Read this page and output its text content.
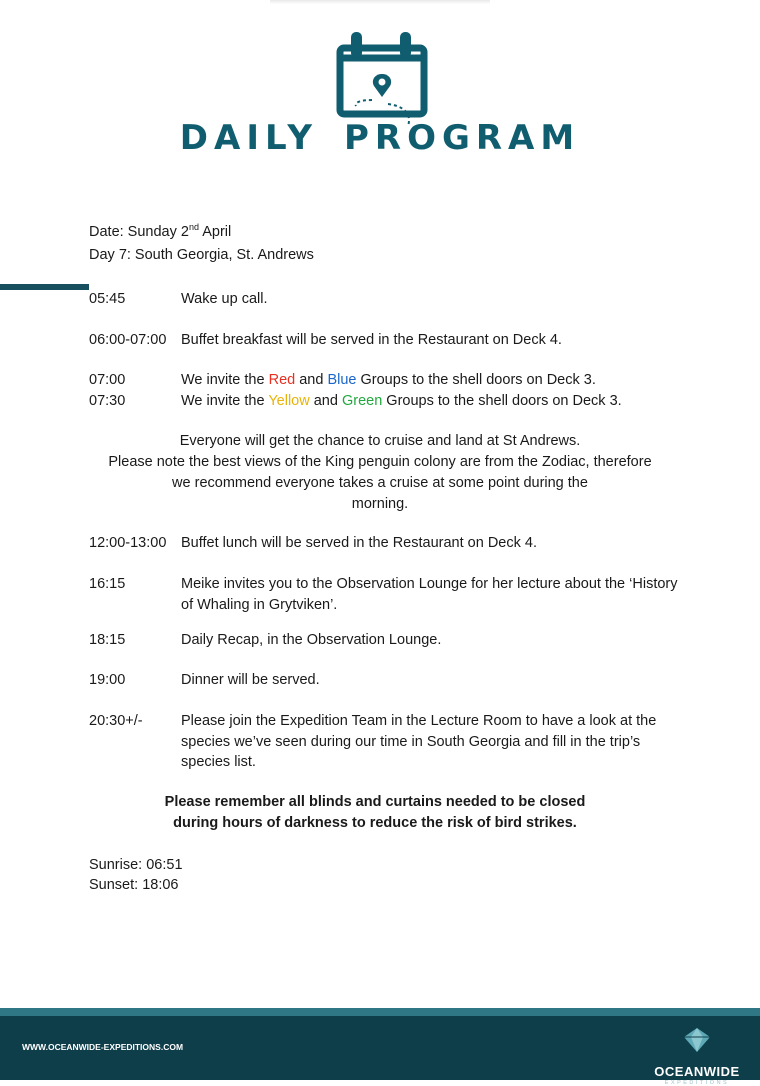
DAILY PROGRAM
Date: Sunday 2nd April
Day 7: South Georgia, St. Andrews
05:45	Wake up call.
06:00-07:00 Buffet breakfast will be served in the Restaurant on Deck 4.
07:00	We invite the Red and Blue Groups to the shell doors on Deck 3.
07:30	We invite the Yellow and Green Groups to the shell doors on Deck 3.
Everyone will get the chance to cruise and land at St Andrews.
Please note the best views of the King penguin colony are from the Zodiac, therefore
we recommend everyone takes a cruise at some point during the
morning.
12:00-13:00 Buffet lunch will be served in the Restaurant on Deck 4.
16:15	Meike invites you to the Observation Lounge for her lecture about the ‘History of Whaling in Grytviken’.
18:15	Daily Recap, in the Observation Lounge.
19:00	Dinner will be served.
20:30+/-	Please join the Expedition Team in the Lecture Room to have a look at the species we’ve seen during our time in South Georgia and fill in the trip’s species list.
Please remember all blinds and curtains needed to be closed
during hours of darkness to reduce the risk of bird strikes.
Sunrise: 06:51
Sunset: 18:06
WWW.OCEANWIDE-EXPEDITIONS.COM
OCEANWIDE
EXPEDITIONS
